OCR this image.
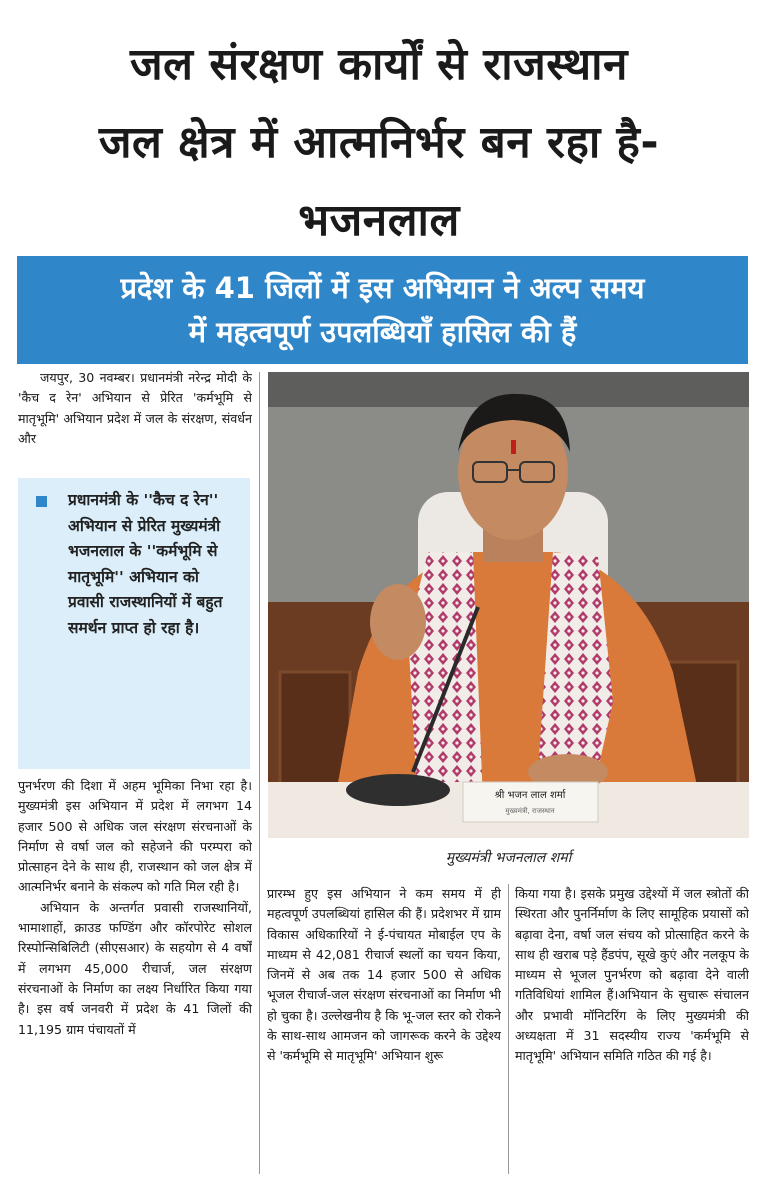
जल संरक्षण कार्यों से राजस्थान
जल क्षेत्र में आत्मनिर्भर बन रहा है-
भजनलाल
प्रदेश के 41 जिलों में इस अभियान ने अल्प समय
में महत्वपूर्ण उपलब्धियाँ हासिल की हैं

जयपुर, 30 नवम्बर। प्रधानमंत्री नरेन्द्र मोदी के 'कैच द रेन' अभियान से प्रेरित 'कर्मभूमि से मातृभूमि' अभियान प्रदेश में जल के संरक्षण, संवर्धन और

प्रधानमंत्री के ''कैच द रेन'' अभियान से प्रेरित मुख्यमंत्री भजनलाल के ''कर्मभूमि से मातृभूमि'' अभियान को प्रवासी राजस्थानियों में बहुत समर्थन प्राप्त हो रहा है।

पुनर्भरण की दिशा में अहम भूमिका निभा रहा है। मुख्यमंत्री इस अभियान में प्रदेश में लगभग 14 हजार 500 से अधिक जल संरक्षण संरचनाओं के निर्माण से वर्षा जल को सहेजने की परम्परा को प्रोत्साहन देने के साथ ही, राजस्थान को जल क्षेत्र में आत्मनिर्भर बनाने के संकल्प को गति मिल रही है।

अभियान के अन्तर्गत प्रवासी राजस्थानियों, भामाशाहों, क्राउड फण्डिंग और कॉरपोरेट सोशल रिस्पोन्सिबिलिटी (सीएसआर) के सहयोग से 4 वर्षों में लगभग 45,000 रीचार्ज, जल संरक्षण संरचनाओं के निर्माण का लक्ष्य निर्धारित किया गया है। इस वर्ष जनवरी में प्रदेश के 41 जिलों की 11,195 ग्राम पंचायतों में

श्री भजन लाल शर्मा
मुख्यमंत्री, राजस्थान
मुख्यमंत्री भजनलाल शर्मा

प्रारम्भ हुए इस अभियान ने कम समय में ही महत्वपूर्ण उपलब्धियां हासिल की हैं। प्रदेशभर में ग्राम विकास अधिकारियों ने ई-पंचायत मोबाईल एप के माध्यम से 42,081 रीचार्ज स्थलों का चयन किया, जिनमें से अब तक 14 हजार 500 से अधिक भूजल रीचार्ज-जल संरक्षण संरचनाओं का निर्माण भी हो चुका है। उल्लेखनीय है कि भू-जल स्तर को रोकने के साथ-साथ आमजन को जागरूक करने के उद्देश्य से 'कर्मभूमि से मातृभूमि' अभियान शुरू

किया गया है। इसके प्रमुख उद्देश्यों में जल स्त्रोतों की स्थिरता और पुनर्निर्माण के लिए सामूहिक प्रयासों को बढ़ावा देना, वर्षा जल संचय को प्रोत्साहित करने के साथ ही खराब पड़े हैंडपंप, सूखे कुएं और नलकूप के माध्यम से भूजल पुनर्भरण को बढ़ावा देने वाली गतिविधियां शामिल हैं।अभियान के सुचारू संचालन और प्रभावी मॉनिटरिंग के लिए मुख्यमंत्री की अध्यक्षता में 31 सदस्यीय राज्य 'कर्मभूमि से मातृभूमि' अभियान समिति गठित की गई है।
